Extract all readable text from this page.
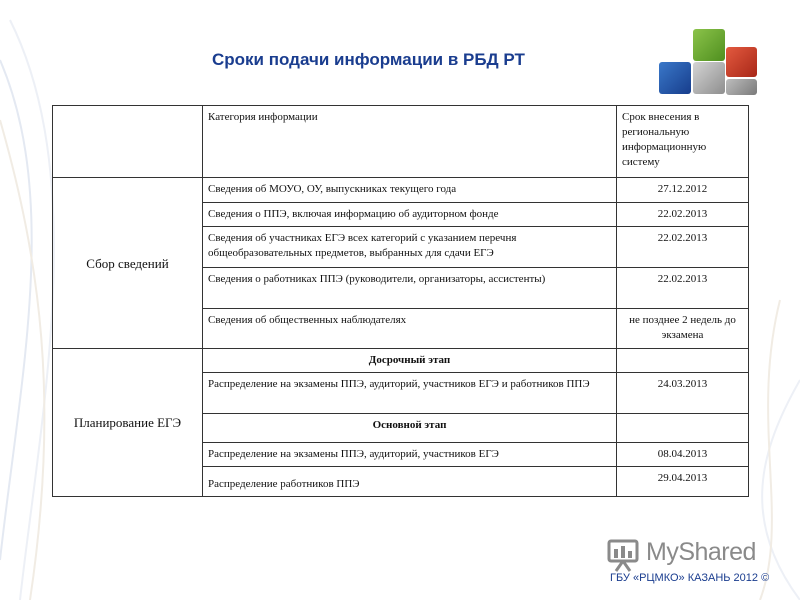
Сроки подачи информации в РБД РТ
	Категория информации	Срок внесения в региональную информационную систему
Сбор сведений	Сведения об МОУО, ОУ, выпускниках текущего года	27.12.2012
	Сведения о ППЭ, включая информацию об аудиторном фонде	22.02.2013
	Сведения об участниках ЕГЭ всех категорий с указанием перечня общеобразовательных предметов, выбранных для сдачи ЕГЭ	22.02.2013
	Сведения о работниках ППЭ (руководители, организаторы, ассистенты)	22.02.2013
	Сведения об общественных наблюдателях	не позднее 2 недель до экзамена
Планирование ЕГЭ	Досрочный этап	
	Распределение на экзамены ППЭ, аудиторий, участников ЕГЭ и работников ППЭ	24.03.2013
	Основной этап	
	Распределение на экзамены ППЭ, аудиторий, участников ЕГЭ	08.04.2013
	Распределение работников ППЭ	29.04.2013
MyShared
ГБУ «РЦМКО» КАЗАНЬ 2012 ©
